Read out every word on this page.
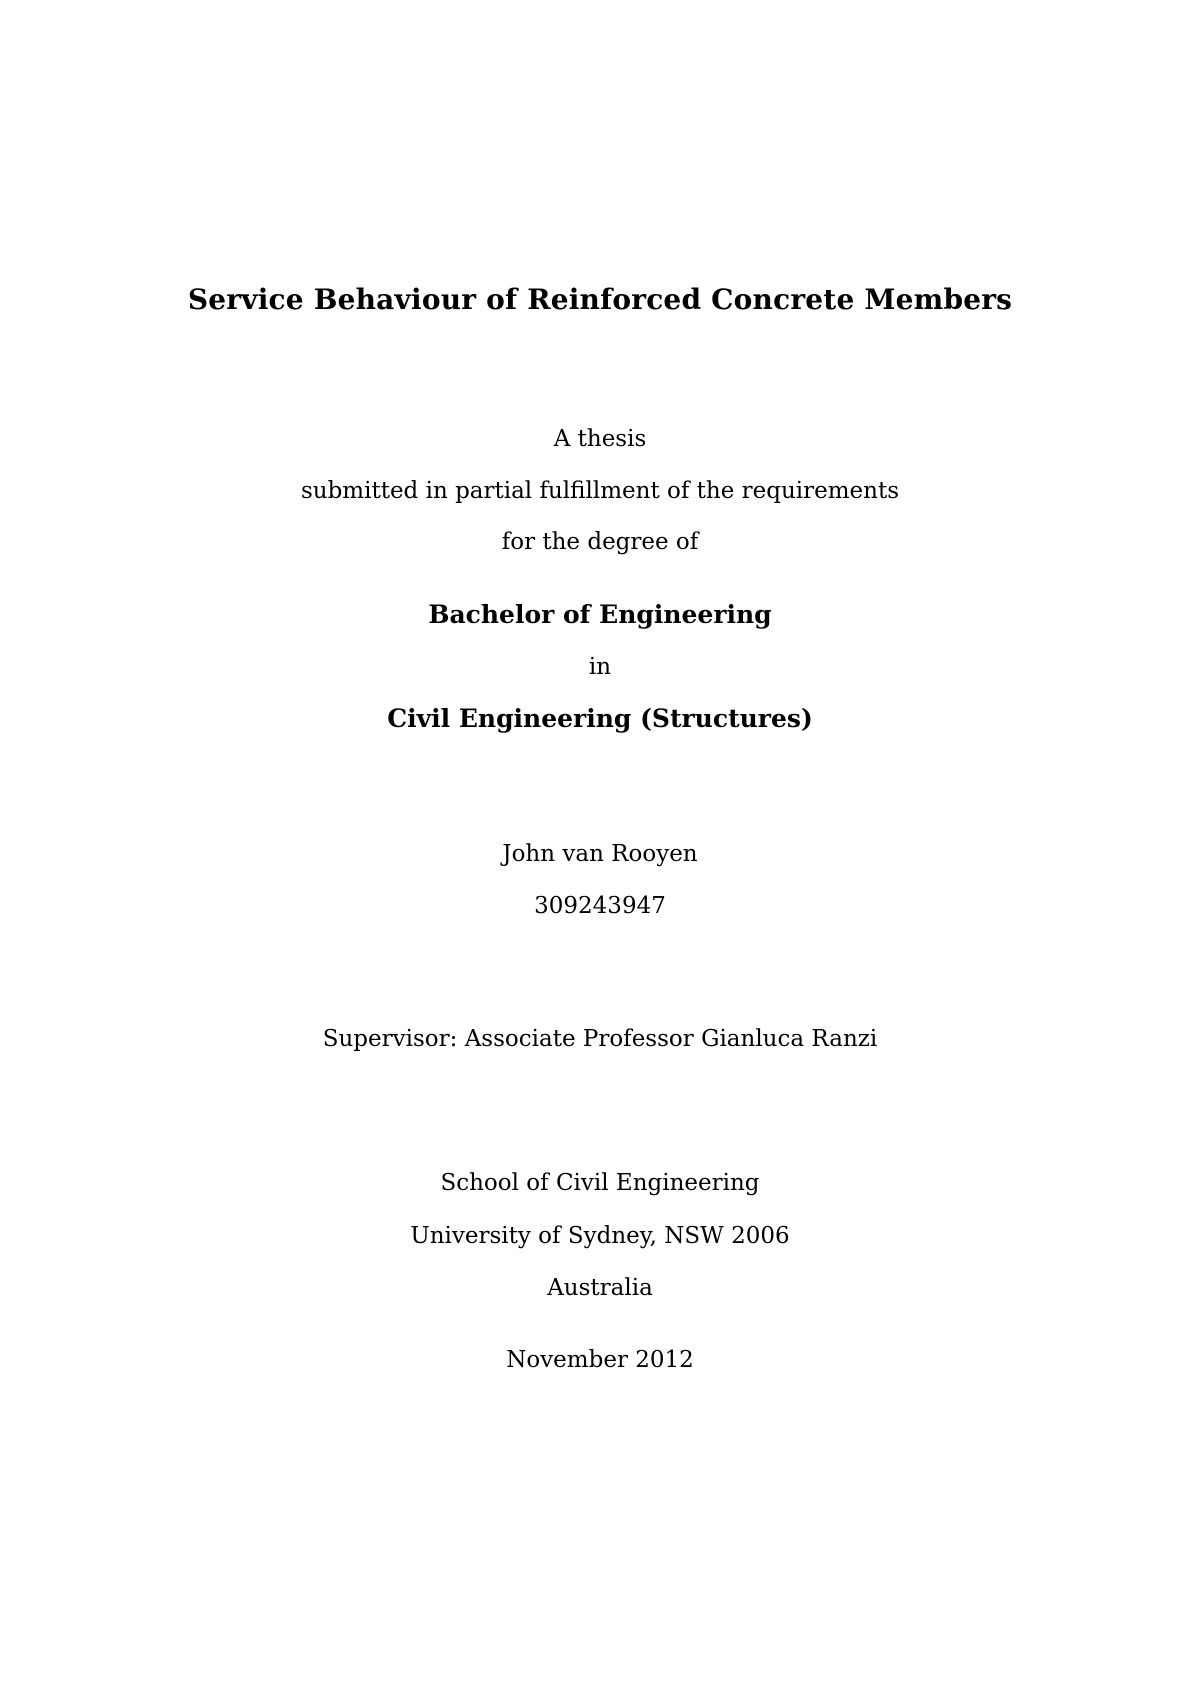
Service Behaviour of Reinforced Concrete Members
A thesis
submitted in partial fulfillment of the requirements
for the degree of
Bachelor of Engineering
in
Civil Engineering (Structures)
John van Rooyen
309243947
Supervisor: Associate Professor Gianluca Ranzi
School of Civil Engineering
University of Sydney, NSW 2006
Australia
November 2012
